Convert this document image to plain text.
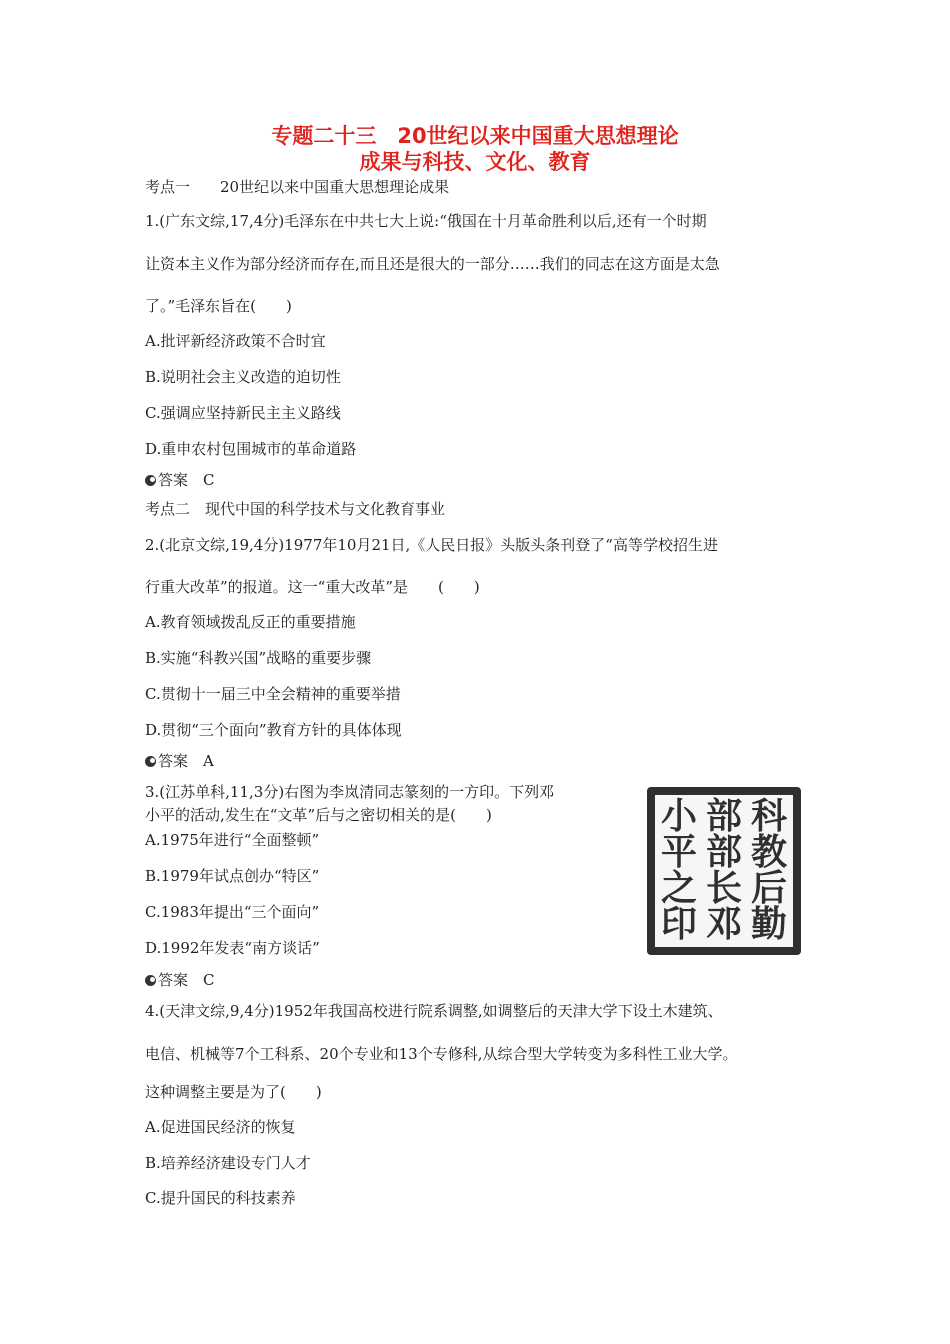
专题二十三　20世纪以来中国重大思想理论
成果与科技、文化、教育
考点一　　20世纪以来中国重大思想理论成果
1.(广东文综,17,4分)毛泽东在中共七大上说:“俄国在十月革命胜利以后,还有一个时期
让资本主义作为部分经济而存在,而且还是很大的一部分……我们的同志在这方面是太急
了。”毛泽东旨在(　　)
A.批评新经济政策不合时宜
B.说明社会主义改造的迫切性
C.强调应坚持新民主主义路线
D.重申农村包围城市的革命道路
答案　C
考点二　现代中国的科学技术与文化教育事业
2.(北京文综,19,4分)1977年10月21日,《人民日报》头版头条刊登了“高等学校招生进
行重大改革”的报道。这一“重大改革”是　　(　　)
A.教育领域拨乱反正的重要措施
B.实施“科教兴国”战略的重要步骤
C.贯彻十一届三中全会精神的重要举措
D.贯彻“三个面向”教育方针的具体体现
答案　A
3.(江苏单科,11,3分)右图为李岚清同志篆刻的一方印。下列邓
小平的活动,发生在“文革”后与之密切相关的是(　　)
A.1975年进行“全面整顿”
B.1979年试点创办“特区”
C.1983年提出“三个面向”
D.1992年发表“南方谈话”
答案　C
科
教
后
勤
部
部
长
邓
小
平
之
印
4.(天津文综,9,4分)1952年我国高校进行院系调整,如调整后的天津大学下设土木建筑、
电信、机械等7个工科系、20个专业和13个专修科,从综合型大学转变为多科性工业大学。
这种调整主要是为了(　　)
A.促进国民经济的恢复
B.培养经济建设专门人才
C.提升国民的科技素养
